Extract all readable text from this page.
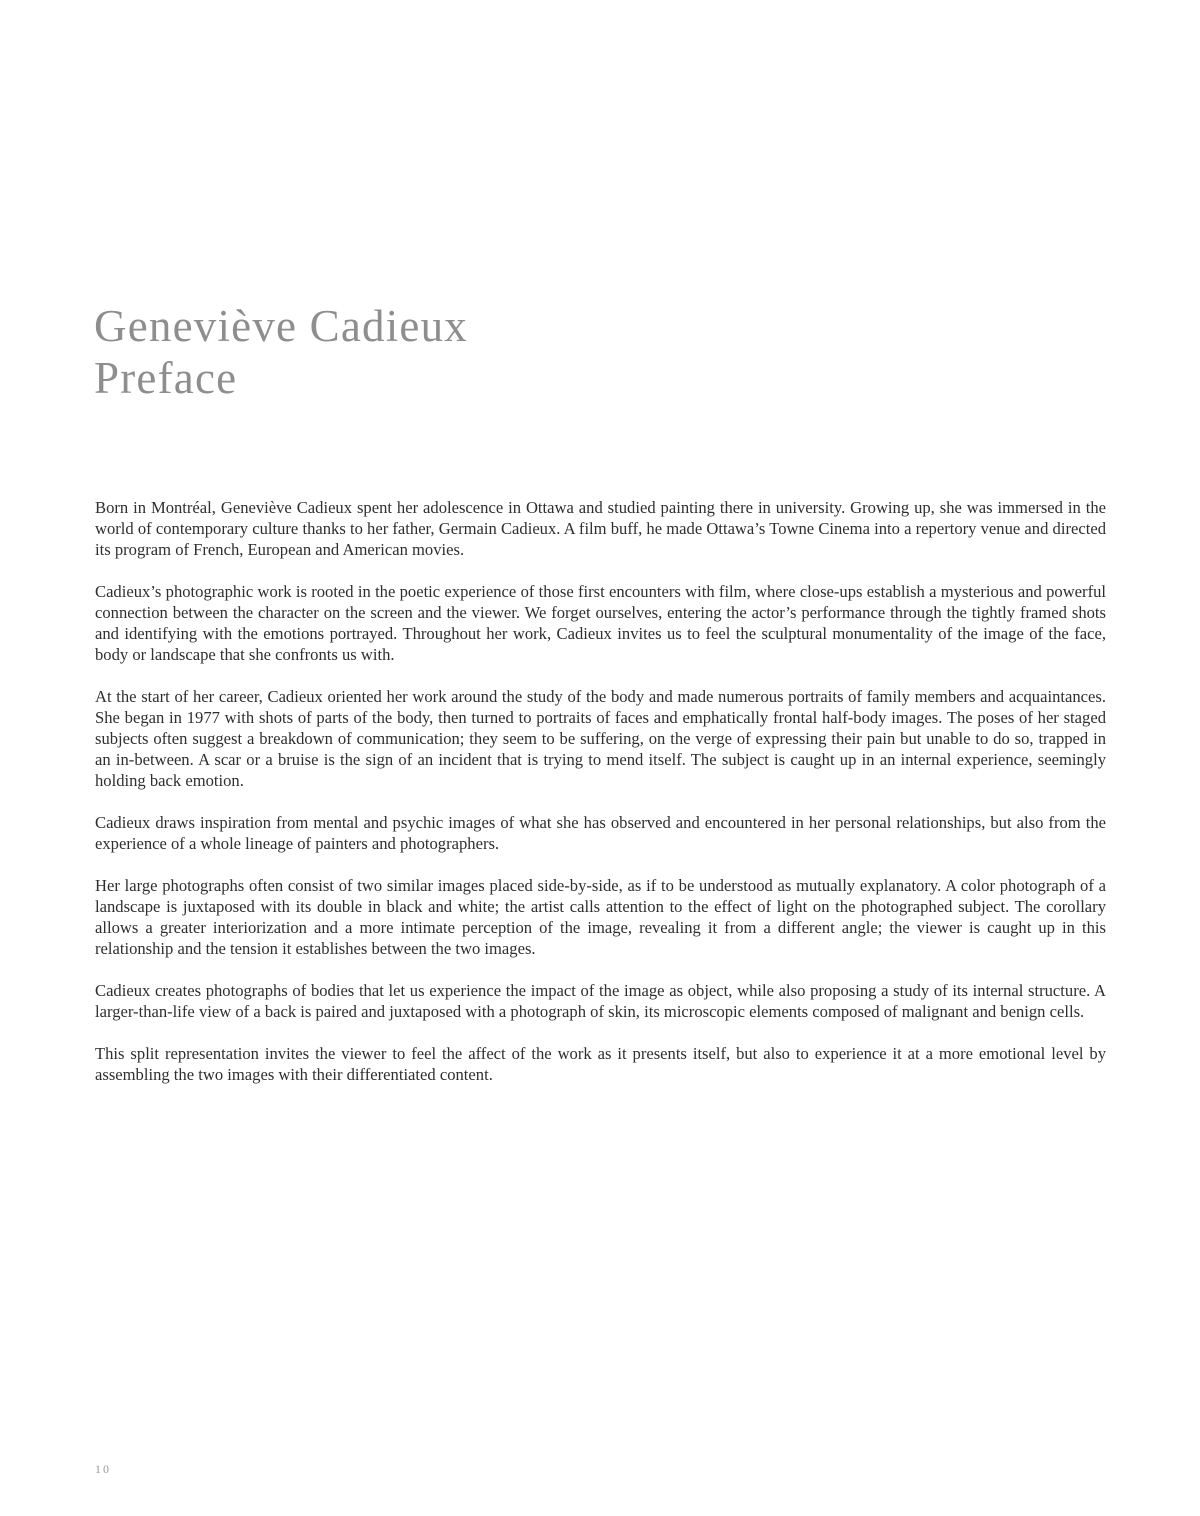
Geneviève Cadieux
Preface

Born in Montréal, Geneviève Cadieux spent her adolescence in Ottawa and studied painting there in university. Growing up, she was immersed in the world of contemporary culture thanks to her father, Germain Cadieux. A film buff, he made Ottawa’s Towne Cinema into a repertory venue and directed its program of French, European and American movies.

Cadieux’s photographic work is rooted in the poetic experience of those first encounters with film, where close-ups establish a mysterious and powerful connection between the character on the screen and the viewer. We forget ourselves, entering the actor’s performance through the tightly framed shots and identifying with the emotions portrayed. Throughout her work, Cadieux invites us to feel the sculptural monumentality of the image of the face, body or landscape that she confronts us with.

At the start of her career, Cadieux oriented her work around the study of the body and made numerous portraits of family members and acquaintances. She began in 1977 with shots of parts of the body, then turned to portraits of faces and emphatically frontal half-body images. The poses of her staged subjects often suggest a breakdown of communication; they seem to be suffering, on the verge of expressing their pain but unable to do so, trapped in an in-between. A scar or a bruise is the sign of an incident that is trying to mend itself. The subject is caught up in an internal experience, seemingly holding back emotion.

Cadieux draws inspiration from mental and psychic images of what she has observed and encountered in her personal relationships, but also from the experience of a whole lineage of painters and photographers.

Her large photographs often consist of two similar images placed side-by-side, as if to be understood as mutually explanatory. A color photograph of a landscape is juxtaposed with its double in black and white; the artist calls attention to the effect of light on the photographed subject. The corollary allows a greater interiorization and a more intimate perception of the image, revealing it from a different angle; the viewer is caught up in this relationship and the tension it establishes between the two images.

Cadieux creates photographs of bodies that let us experience the impact of the image as object, while also proposing a study of its internal structure. A larger-than-life view of a back is paired and juxtaposed with a photograph of skin, its microscopic elements composed of malignant and benign cells.

This split representation invites the viewer to feel the affect of the work as it presents itself, but also to experience it at a more emotional level by assembling the two images with their differentiated content.

10
